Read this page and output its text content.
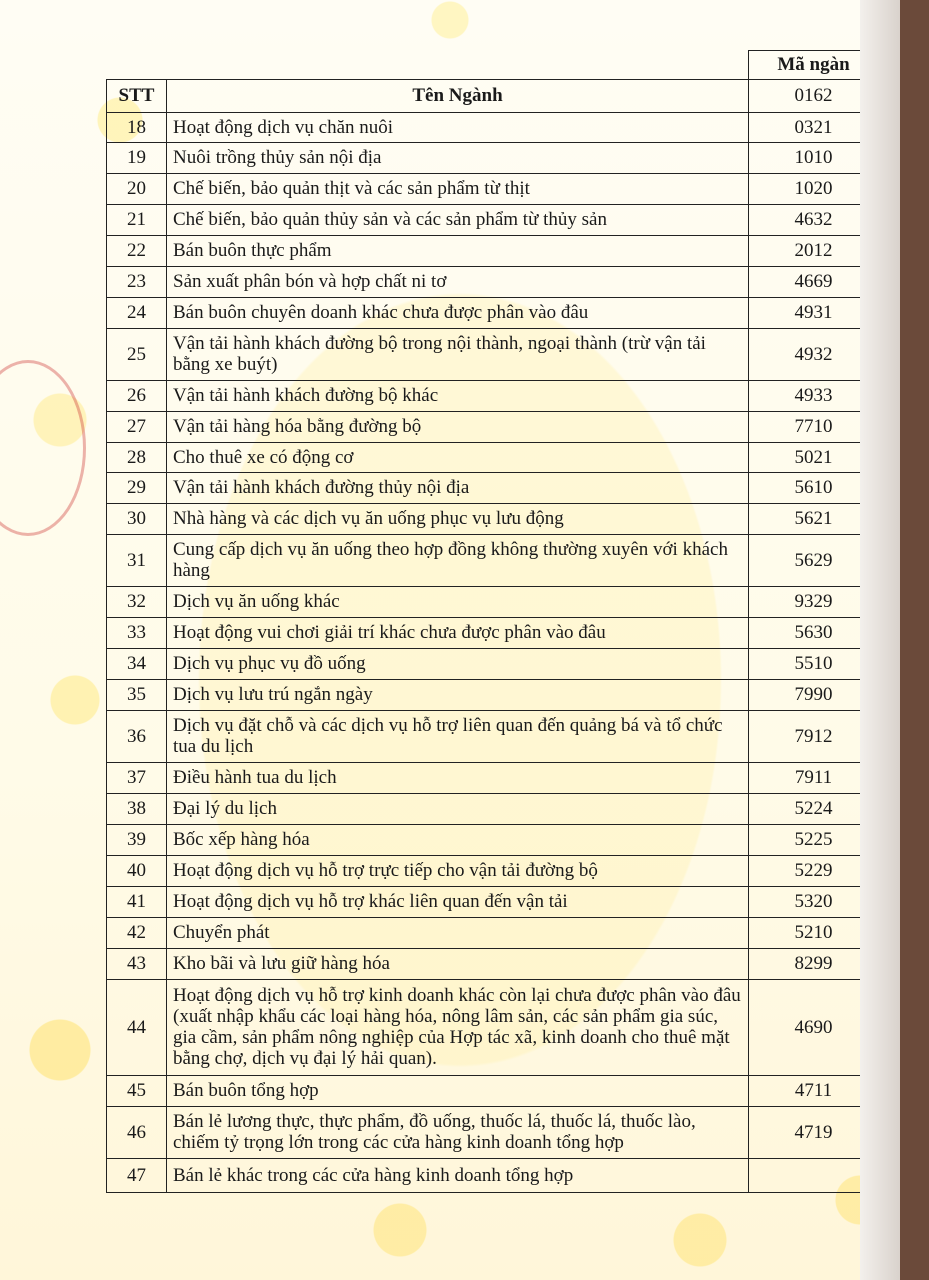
		Mã ngàn
STT	Tên Ngành	0162
18	Hoạt động dịch vụ chăn nuôi	0321
19	Nuôi trồng thủy sản nội địa	1010
20	Chế biến, bảo quản thịt và các sản phẩm từ thịt	1020
21	Chế biến, bảo quản thủy sản và các sản phẩm từ thủy sản	4632
22	Bán buôn thực phẩm	2012
23	Sản xuất phân bón và hợp chất ni tơ	4669
24	Bán buôn chuyên doanh khác chưa được phân vào đâu	4931
25	Vận tải hành khách đường bộ trong nội thành, ngoại thành (trừ vận tải bằng xe buýt)	4932
26	Vận tải hành khách đường bộ khác	4933
27	Vận tải hàng hóa bằng đường bộ	7710
28	Cho thuê xe có động cơ	5021
29	Vận tải hành khách đường thủy nội địa	5610
30	Nhà hàng và các dịch vụ ăn uống phục vụ lưu động	5621
31	Cung cấp dịch vụ ăn uống theo hợp đồng không thường xuyên với khách hàng	5629
32	Dịch vụ ăn uống khác	9329
33	Hoạt động vui chơi giải trí khác chưa được phân vào đâu	5630
34	Dịch vụ phục vụ đồ uống	5510
35	Dịch vụ lưu trú ngắn ngày	7990
36	Dịch vụ đặt chỗ và các dịch vụ hỗ trợ liên quan đến quảng bá và tổ chức tua du lịch	7912
37	Điều hành tua du lịch	7911
38	Đại lý du lịch	5224
39	Bốc xếp hàng hóa	5225
40	Hoạt động dịch vụ hỗ trợ trực tiếp cho vận tải đường bộ	5229
41	Hoạt động dịch vụ hỗ trợ khác liên quan đến vận tải	5320
42	Chuyển phát	5210
43	Kho bãi và lưu giữ hàng hóa	8299
44	Hoạt động dịch vụ hỗ trợ kinh doanh khác còn lại chưa được phân vào đâu (xuất nhập khẩu các loại hàng hóa, nông lâm sản, các sản phẩm gia súc, gia cầm, sản phẩm nông nghiệp của Hợp tác xã, kinh doanh cho thuê mặt bằng chợ, dịch vụ đại lý hải quan).	4690
45	Bán buôn tổng hợp	4711
46	Bán lẻ lương thực, thực phẩm, đồ uống, thuốc lá, thuốc lá, thuốc lào, chiếm tỷ trọng lớn trong các cửa hàng kinh doanh tổng hợp	4719
47	Bán lẻ khác trong các cửa hàng kinh doanh tổng hợp	
